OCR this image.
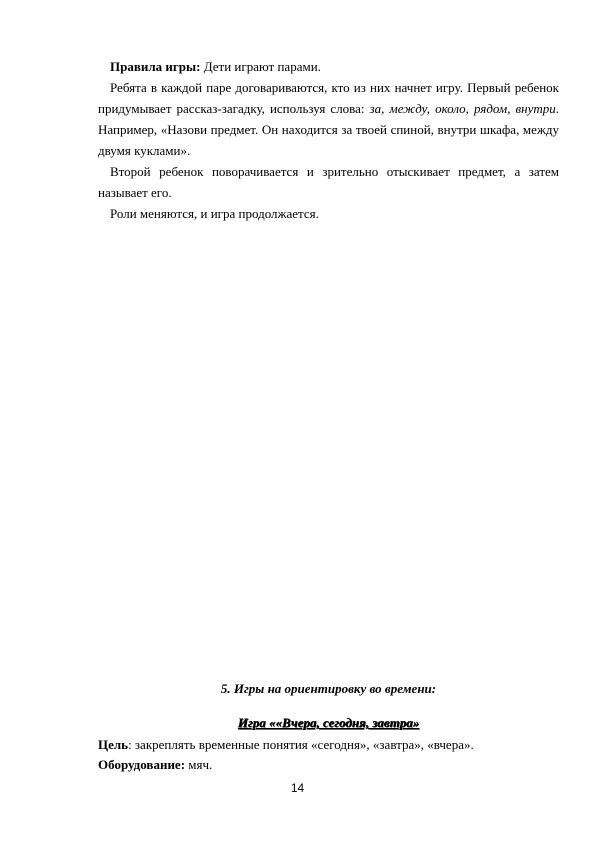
Правила игры: Дети играют парами.

Ребята в каждой паре договариваются, кто из них начнет игру. Первый ребенок придумывает рассказ-загадку, используя слова: за, между, около, рядом, внутри. Например, «Назови предмет. Он находится за твоей спиной, внутри шкафа, между двумя куклами».

Второй ребенок поворачивается и зрительно отыскивает предмет, а затем называет его.

Роли меняются, и игра продолжается.

5. Игры на ориентировку во времени:
Игра ««Вчера, сегодня, завтра»
Цель: закреплять временные понятия «сегодня», «завтра», «вчера».
Оборудование: мяч.
14
